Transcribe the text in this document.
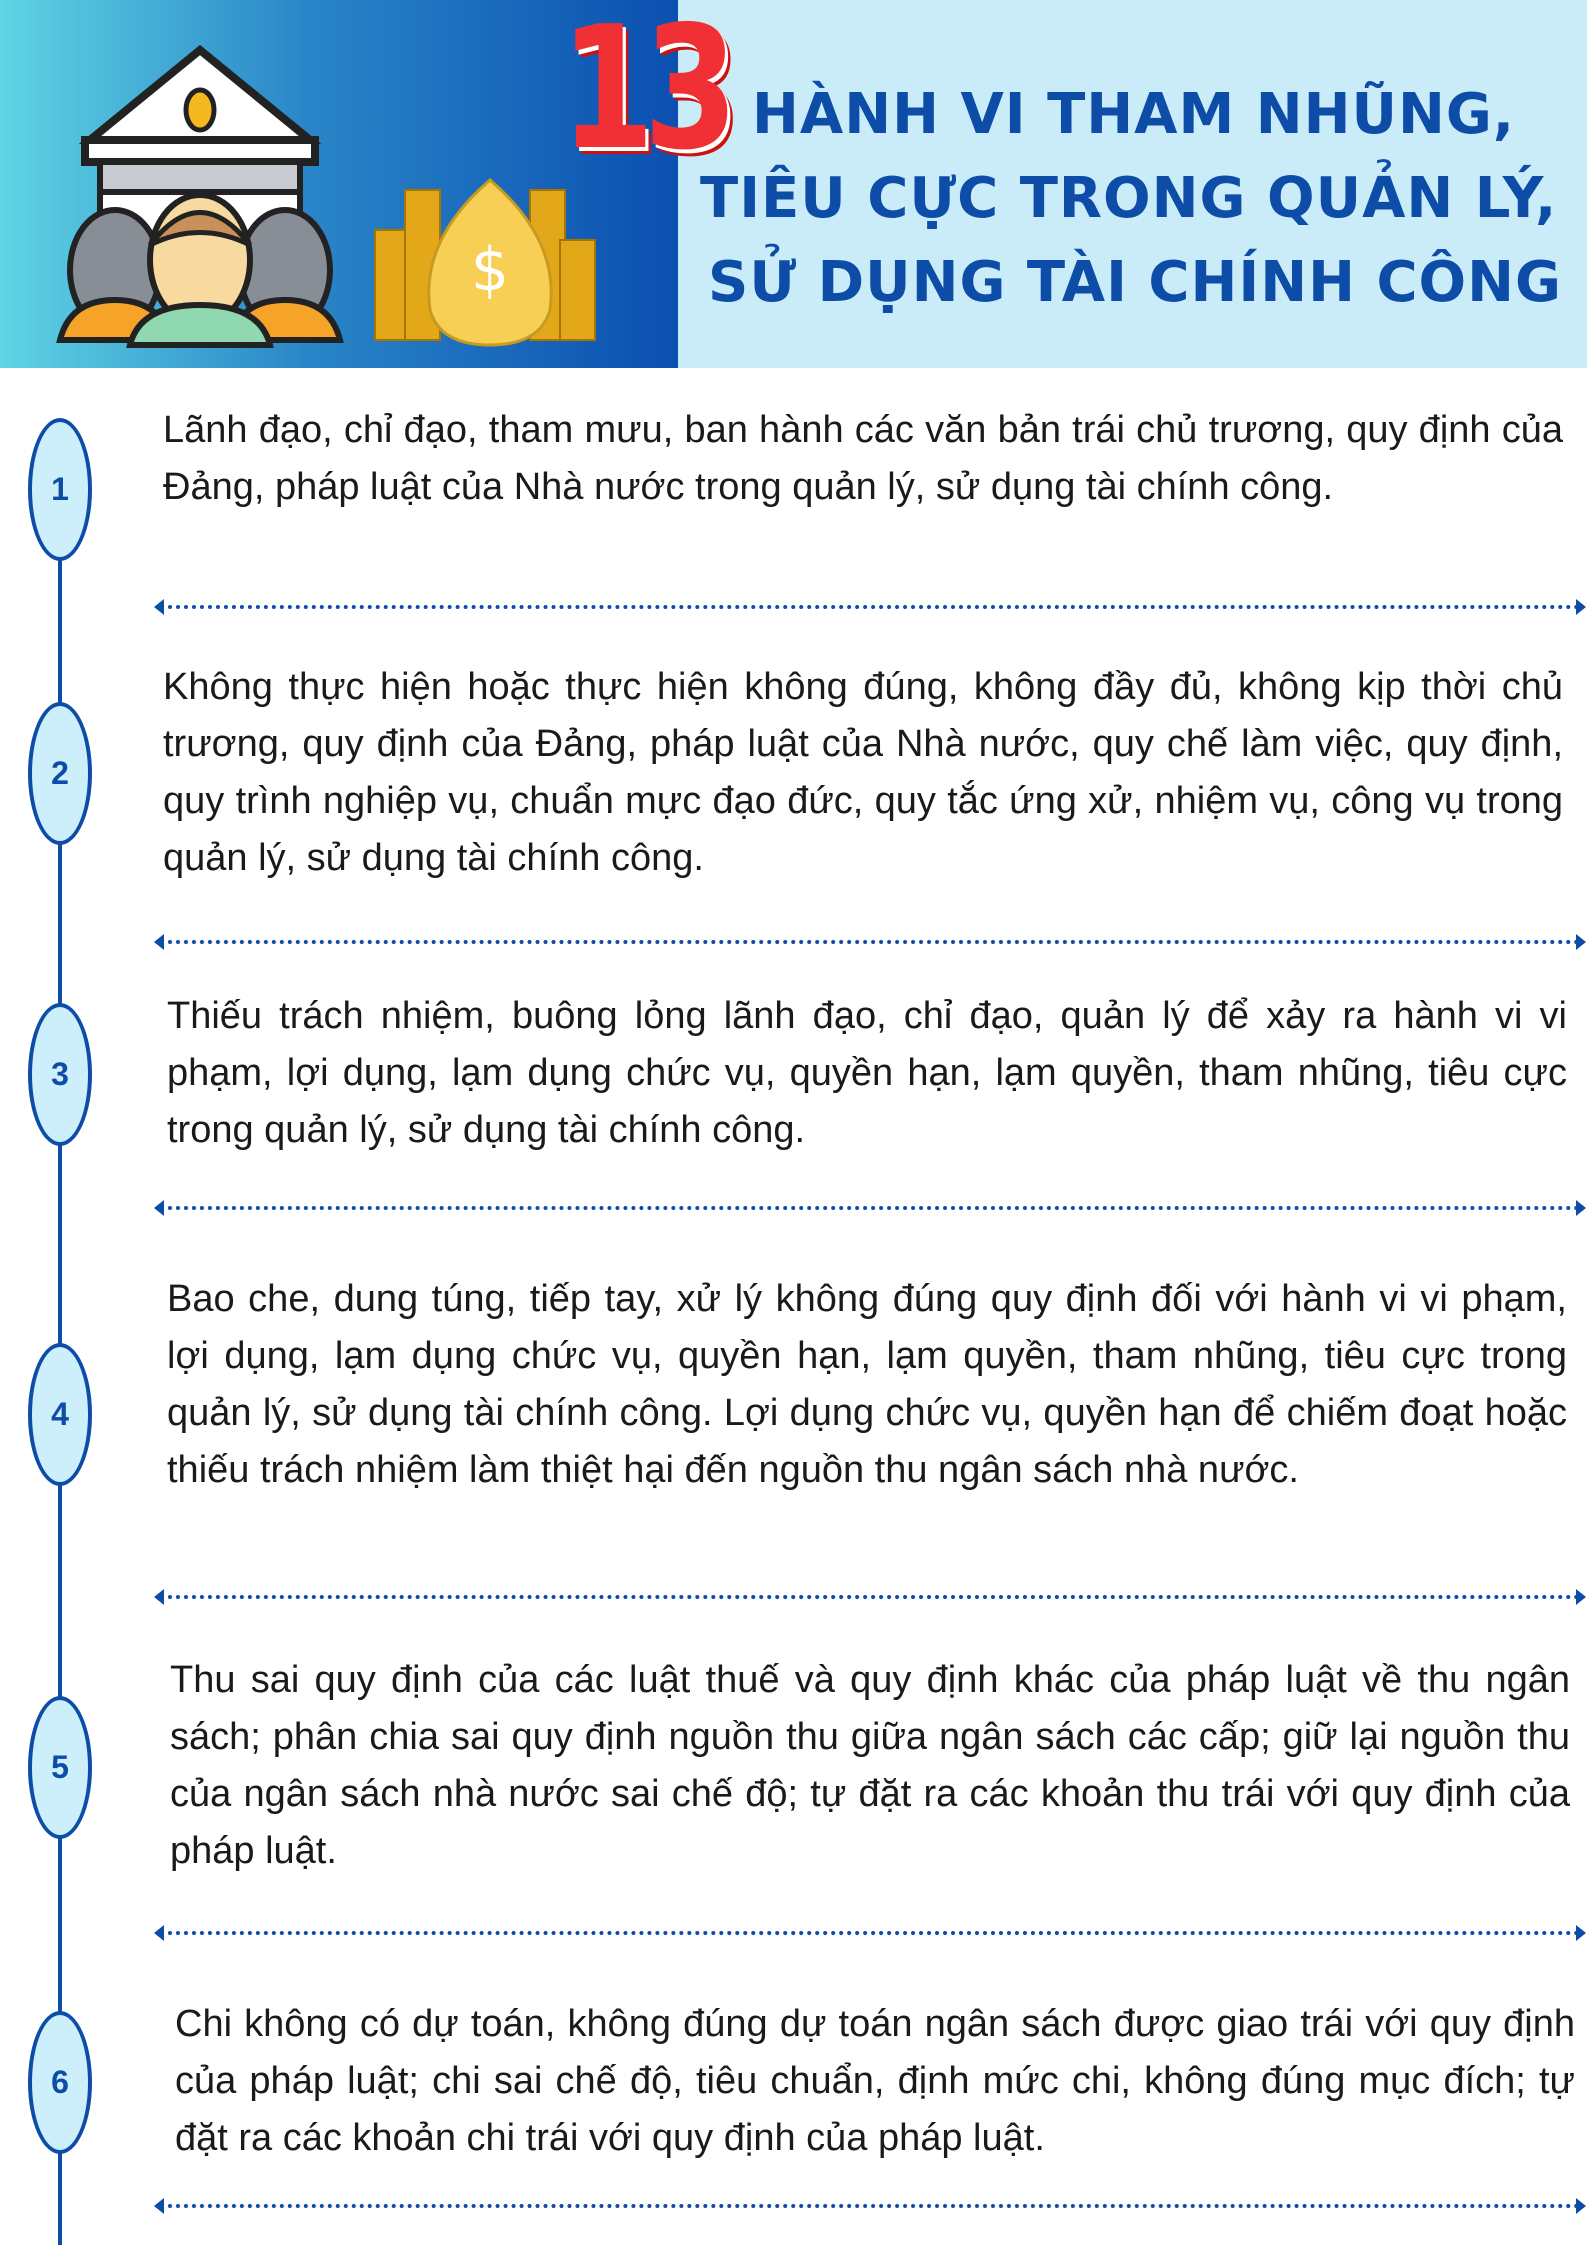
$
13 HÀNH VI THAM NHŨNG,
TIÊU CỰC TRONG QUẢN LÝ,
SỬ DỤNG TÀI CHÍNH CÔNG
1
Lãnh đạo, chỉ đạo, tham mưu, ban hành các văn bản trái chủ trương, quy định của Đảng, pháp luật của Nhà nước trong quản lý, sử dụng tài chính công.
2
Không thực hiện hoặc thực hiện không đúng, không đầy đủ, không kịp thời chủ trương, quy định của Đảng, pháp luật của Nhà nước, quy chế làm việc, quy định, quy trình nghiệp vụ, chuẩn mực đạo đức, quy tắc ứng xử, nhiệm vụ, công vụ trong quản lý, sử dụng tài chính công.
3
Thiếu trách nhiệm, buông lỏng lãnh đạo, chỉ đạo, quản lý để xảy ra hành vi vi phạm, lợi dụng, lạm dụng chức vụ, quyền hạn, lạm quyền, tham nhũng, tiêu cực trong quản lý, sử dụng tài chính công.
4
Bao che, dung túng, tiếp tay, xử lý không đúng quy định đối với hành vi vi phạm, lợi dụng, lạm dụng chức vụ, quyền hạn, lạm quyền, tham nhũng, tiêu cực trong quản lý, sử dụng tài chính công. Lợi dụng chức vụ, quyền hạn để chiếm đoạt hoặc thiếu trách nhiệm làm thiệt hại đến nguồn thu ngân sách nhà nước.
5
Thu sai quy định của các luật thuế và quy định khác của pháp luật về thu ngân sách; phân chia sai quy định nguồn thu giữa ngân sách các cấp; giữ lại nguồn thu của ngân sách nhà nước sai chế độ; tự đặt ra các khoản thu trái với quy định của pháp luật.
6
Chi không có dự toán, không đúng dự toán ngân sách được giao trái với quy định của pháp luật; chi sai chế độ, tiêu chuẩn, định mức chi, không đúng mục đích; tự đặt ra các khoản chi trái với quy định của pháp luật.
